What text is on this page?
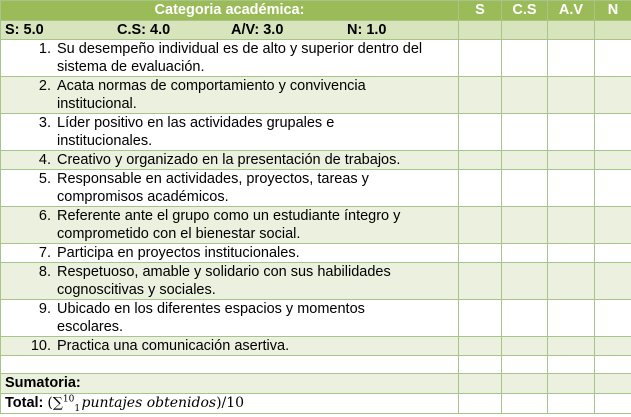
Categoria académica:	S	C.S	A.V	N

S: 5.0 C.S: 4.0 A/V: 3.0 N: 1.0				

1. Su desempeño individual es de alto y superior dentro del
sistema de evaluación.				

2. Acata normas de comportamiento y convivencia
institucional.				

3. Líder positivo en las actividades grupales e
institucionales.				

4. Creativo y organizado en la presentación de trabajos.				

5. Responsable en actividades, proyectos, tareas y
compromisos académicos.				

6. Referente ante el grupo como un estudiante íntegro y
comprometido con el bienestar social.				

7. Participa en proyectos institucionales.				

8. Respetuoso, amable y solidario con sus habilidades
cognoscitivas y sociales.				

9. Ubicado en los diferentes espacios y momentos
escolares.				

10. Practica una comunicación asertiva.				

Sumatoria:				
Total: (∑$^{10}_1$ puntajes obtenidos)/10				
